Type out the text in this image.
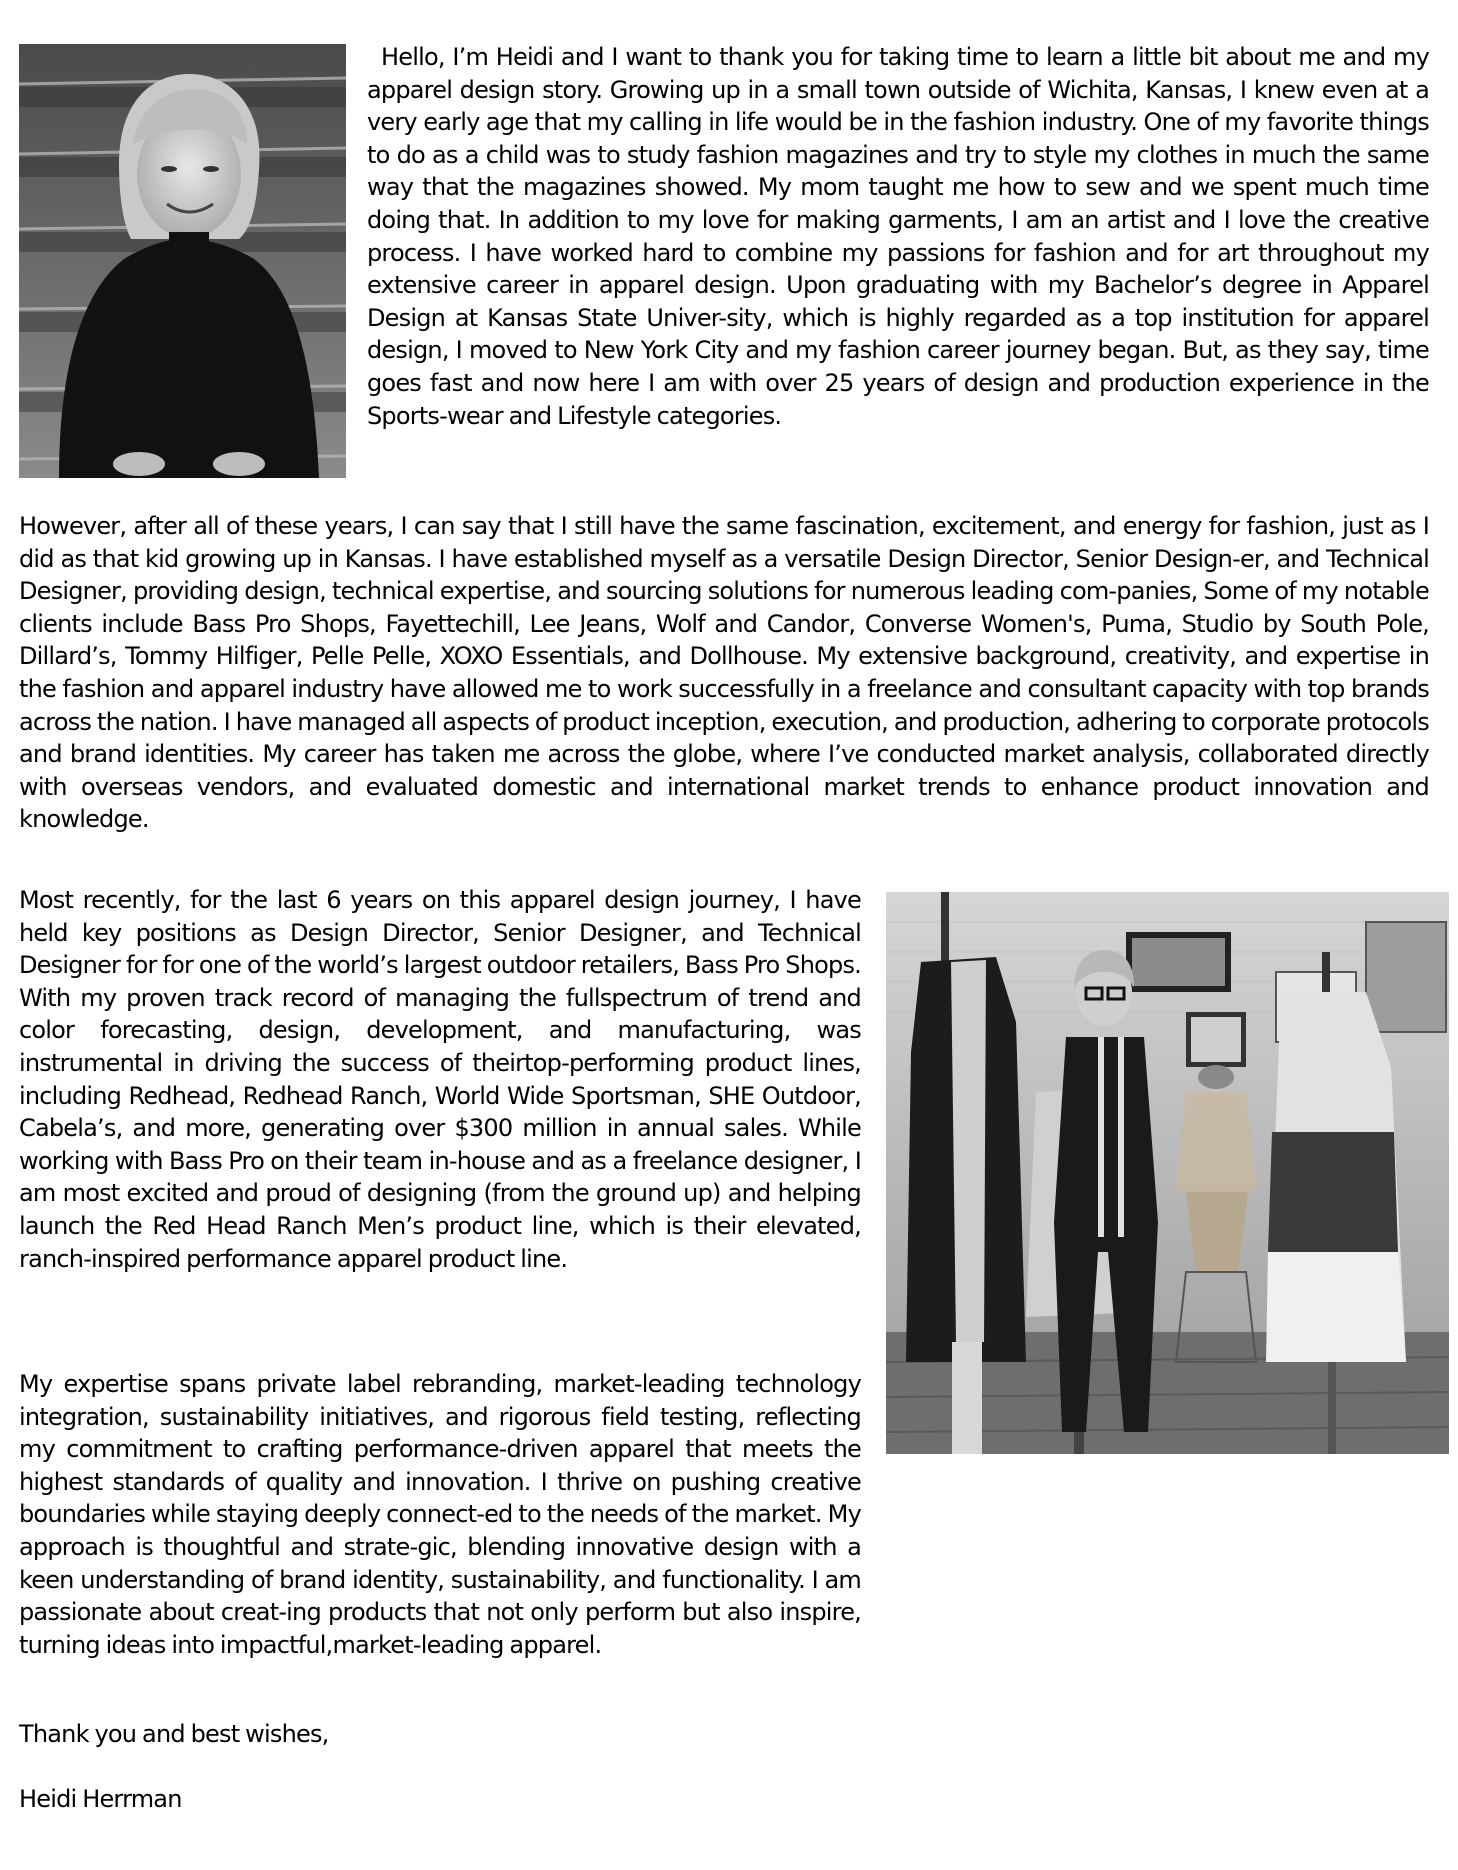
Hello, I’m Heidi and I want to thank you for taking time to learn a little bit about me and my apparel design story. Growing up in a small town outside of Wichita, Kansas, I knew even at a very early age that my calling in life would be in the fashion industry. One of my favorite things to do as a child was to study fashion magazines and try to style my clothes in much the same way that the magazines showed. My mom taught me how to sew and we spent much time doing that. In addition to my love for making garments, I am an artist and I love the creative process. I have worked hard to combine my passions for fashion and for art throughout my extensive career in apparel design. Upon graduating with my Bachelor’s degree in Apparel Design at Kansas State Univer-sity, which is highly regarded as a top institution for apparel design, I moved to New York City and my fashion career journey began. But, as they say, time goes fast and now here I am with over 25 years of design and production experience in the Sports-wear and Lifestyle categories.

However, after all of these years, I can say that I still have the same fascination, excitement, and energy for fashion, just as I did as that kid growing up in Kansas. I have established myself as a versatile Design Director, Senior Design-er, and Technical Designer, providing design, technical expertise, and sourcing solutions for numerous leading com-panies, Some of my notable clients include Bass Pro Shops, Fayettechill, Lee Jeans, Wolf and Candor, Converse Women's, Puma, Studio by South Pole, Dillard’s, Tommy Hilfiger, Pelle Pelle, XOXO Essentials, and Dollhouse. My extensive background, creativity, and expertise in the fashion and apparel industry have allowed me to work successfully in a freelance and consultant capacity with top brands across the nation. I have managed all aspects of product inception, execution, and production, adhering to corporate protocols and brand identities. My career has taken me across the globe, where I’ve conducted market analysis, collaborated directly with overseas vendors, and evaluated domestic and international market trends to enhance product innovation and knowledge.

Most recently, for the last 6 years on this apparel design journey, I have held key positions as Design Director, Senior Designer, and Technical Designer for for one of the world’s largest outdoor retailers, Bass Pro Shops. With my proven track record of managing the fullspectrum of trend and color forecasting, design, development, and manufacturing, was instrumental in driving the success of theirtop-performing product lines, including Redhead, Redhead Ranch, World Wide Sportsman, SHE Outdoor, Cabela’s, and more, generating over $300 million in annual sales. While working with Bass Pro on their team in-house and as a freelance designer, I am most excited and proud of designing (from the ground up) and helping launch the Red Head Ranch Men’s product line, which is their elevated, ranch-inspired performance apparel product line.

My expertise spans private label rebranding, market-leading technology integration, sustainability initiatives, and rigorous field testing, reflecting my commitment to crafting performance-driven apparel that meets the highest standards of quality and innovation. I thrive on pushing creative boundaries while staying deeply connect-ed to the needs of the market. My approach is thoughtful and strate-gic, blending innovative design with a keen understanding of brand identity, sustainability, and functionality. I am passionate about creat-ing products that not only perform but also inspire, turning ideas into impactful,market-leading apparel.

Thank you and best wishes,

Heidi Herrman
